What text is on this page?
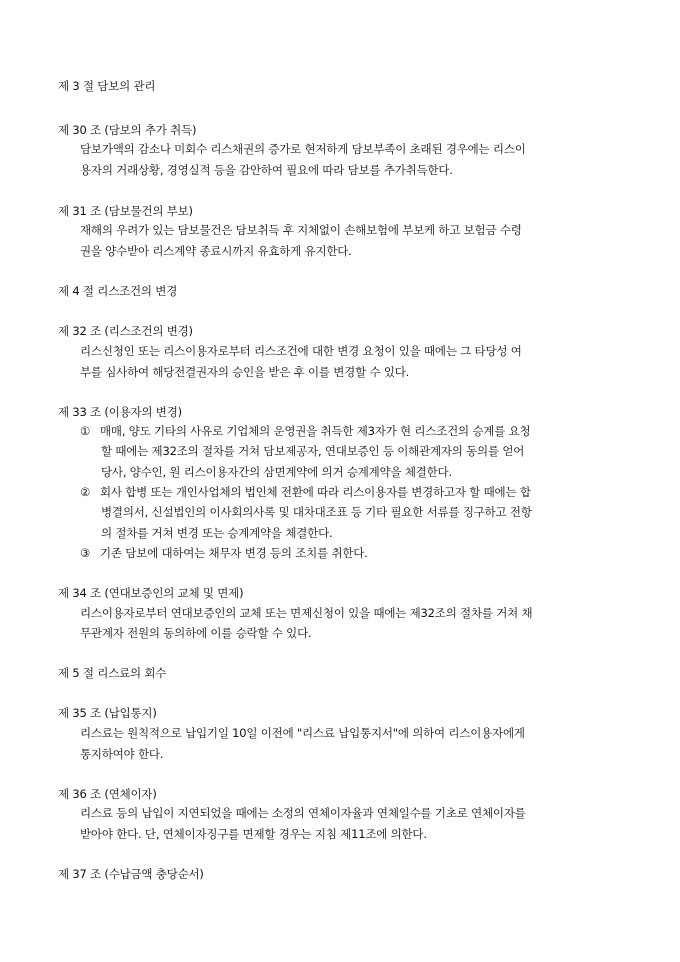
제 3 절 담보의 관리
제 30 조 (담보의 추가 취득)
담보가액의 감소나 미회수 리스채권의 증가로 현저하게 담보부족이 초래된 경우에는 리스이
용자의 거래상황, 경영실적 등을 감안하여 필요에 따라 담보를 추가취득한다.
제 31 조 (담보물건의 부보)
재해의 우려가 있는 담보물건은 담보취득 후 지체없이 손해보험에 부보케 하고 보험금 수령
권을 양수받아 리스계약 종료시까지 유효하게 유지한다.
제 4 절 리스조건의 변경
제 32 조 (리스조건의 변경)
리스신청인 또는 리스이용자로부터 리스조건에 대한 변경 요청이 있을 때에는 그 타당성 여
부를 심사하여 해당전결권자의 승인을 받은 후 이를 변경할 수 있다.
제 33 조 (이용자의 변경)
① 매매, 양도 기타의 사유로 기업체의 운영권을 취득한 제3자가 현 리스조건의 승계를 요청
할 때에는 제32조의 절차를 거쳐 담보제공자, 연대보증인 등 이해관계자의 동의를 얻어
당사, 양수인, 원 리스이용자간의 삼면계약에 의거 승계계약을 체결한다.
② 회사 합병 또는 개인사업체의 법인체 전환에 따라 리스이용자를 변경하고자 할 때에는 합
병결의서, 신설법인의 이사회의사록 및 대차대조표 등 기타 필요한 서류를 징구하고 전항
의 절차를 거쳐 변경 또는 승계계약을 체결한다.
③ 기존 담보에 대하여는 채무자 변경 등의 조치를 취한다.
제 34 조 (연대보증인의 교체 및 면제)
리스이용자로부터 연대보증인의 교체 또는 면제신청이 있을 때에는 제32조의 절차를 거쳐 채
무관계자 전원의 동의하에 이를 승락할 수 있다.
제 5 절 리스료의 회수
제 35 조 (납입통지)
리스료는 원칙적으로 납입기일 10일 이전에 "리스료 납입통지서"에 의하여 리스이용자에게
통지하여야 한다.
제 36 조 (연체이자)
리스료 등의 납입이 지연되었을 때에는 소정의 연체이자율과 연체일수를 기초로 연체이자를
받아야 한다. 단, 연체이자징구를 면제할 경우는 지침 제11조에 의한다.
제 37 조 (수납금액 충당순서)
